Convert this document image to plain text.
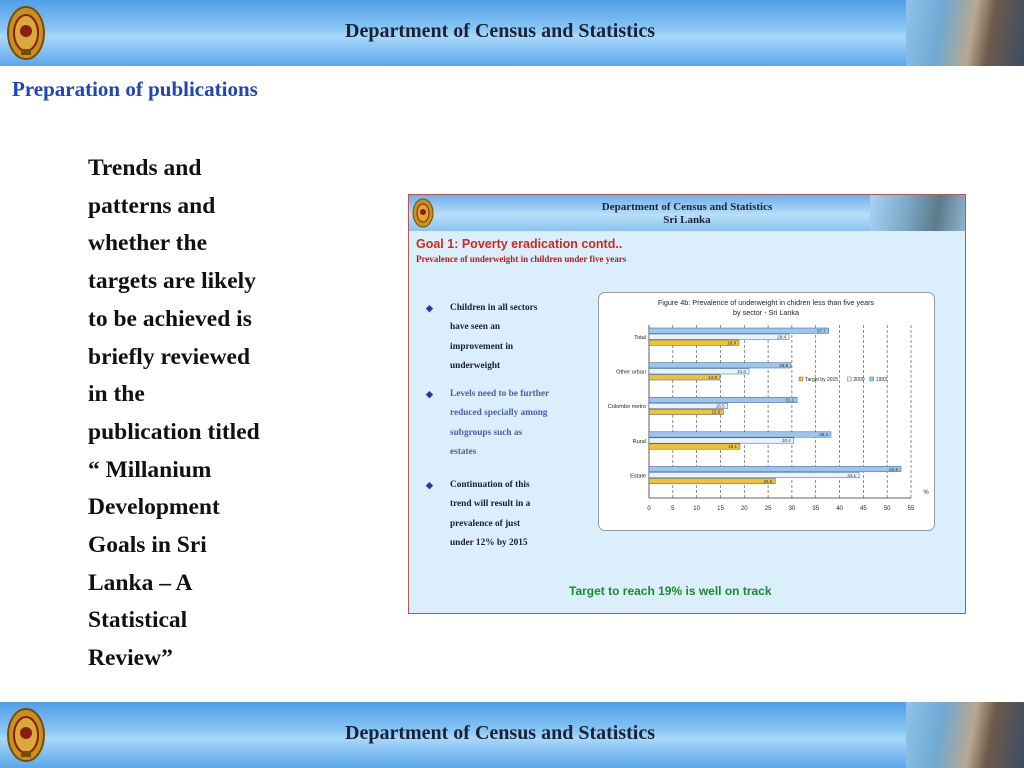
Department of Census and Statistics
Preparation of publications
Trends and
patterns and
whether the
targets are likely
to be achieved is
briefly reviewed
in the
publication titled
“ Millanium
Development
Goals in Sri
Lanka – A
Statistical
Review”
Department of Census and Statistics
Sri Lanka
Goal 1: Poverty eradication contd..
Prevalence of underweight in children under five years
◆ Children in all sectors
have seen an
improvement in
underweight
◆ Levels need to be further
reduced specially among
subgroups such as
estates
◆ Continuation of this
trend will result in a
prevalence of just
under 12% by 2015
Figure 4b: Prevalence of underweight in chidren less than five years
by sector - Sri Lanka
0	5	10	15	20	25	30	35	40	45	50	55
%
Total
37.7
29.4
18.9
Other urban
29.8
21.0
14.9
Colombo metro
31.1
16.5
15.6
Rural
38.2
30.4
19.1
Estate
52.9
44.1
26.5
Target by 2015	2000 1993
Target to reach 19% is well on track
Department of Census and Statistics
